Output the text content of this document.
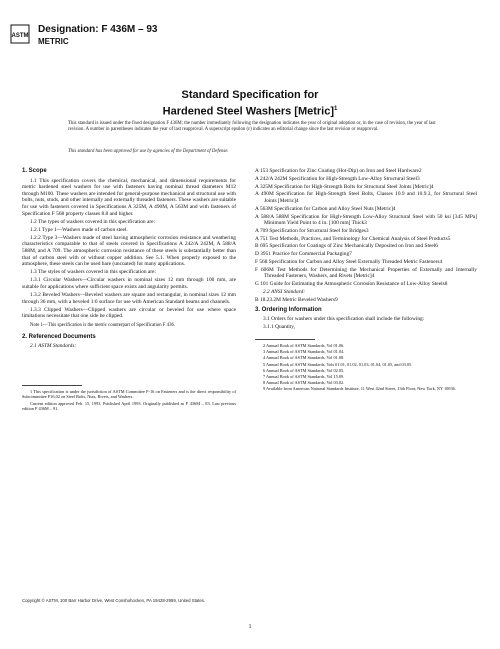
ASTM
Designation: F 436M – 93
METRIC
Standard Specification for
Hardened Steel Washers [Metric]$^1$
This standard is issued under the fixed designation F 436M; the number immediately following the designation indicates the year of original adoption or, in the case of revision, the year of last revision. A number in parentheses indicates the year of last reapproval. A superscript epsilon (ε) indicates an editorial change since the last revision or reapproval.
This standard has been approved for use by agencies of the Department of Defense.
1. Scope

1.1 This specification covers the chemical, mechanical, and dimensional requirements for metric hardened steel washers for use with fasteners having nominal thread diameters M12 through M100. These washers are intended for general-purpose mechanical and structural use with bolts, nuts, studs, and other internally and externally threaded fasteners. These washers are suitable for use with fasteners covered in Specifications A 325M, A 490M, A 563M and with fasteners of Specification F 568 property classes 8.8 and higher.

1.2 The types of washers covered in this specification are:

1.2.1 Type 1—Washers made of carbon steel.

1.2.2 Type 3—Washers made of steel having atmospheric corrosion resistance and weathering characteristics comparable to that of steels covered in Specifications A 242/A 242M, A 588/A 588M, and A 709. The atmospheric corrosion resistance of these steels is substantially better than that of carbon steel with or without copper addition. See 5.1. When properly exposed to the atmosphere, these steels can be used bare (uncoated) for many applications.

1.3 The styles of washers covered in this specification are:

1.3.1 Circular Washers—Circular washers in nominal sizes 12 mm through 100 mm, are suitable for applications where sufficient space exists and angularity permits.

1.3.2 Beveled Washers—Beveled washers are square and rectangular, in nominal sizes 12 mm through 36 mm, with a beveled 1:6 surface for use with American Standard beams and channels.

1.3.3 Clipped Washers—Clipped washers are circular or beveled for use where space limitations necessitate that one side be clipped.

Note 1—This specification is the metric counterpart of Specification F 436.

2. Referenced Documents

2.1 ASTM Standards:

1 This specification is under the jurisdiction of ASTM Committee F-16 on Fasteners and is the direct responsibility of Subcommittee F16.02 on Steel Bolts, Nuts, Rivets, and Washers.

Current edition approved Feb. 15, 1993. Published April 1993. Originally published as F 436M – 83. Last previous edition F 436M – 91.

A 153 Specification for Zinc Coating (Hot-Dip) on Iron and Steel Hardware2

A 242/A 242M Specification for High-Strength Low-Alloy Structural Steel3

A 325M Specification for High-Strength Bolts for Structural Steel Joints [Metric]4

A 490M Specification for High-Strength Steel Bolts, Classes 10.9 and 10.9.3, for Structural Steel Joints [Metric]4

A 563M Specification for Carbon and Alloy Steel Nuts [Metric]4

A 588/A 588M Specification for High-Strength Low-Alloy Structural Steel with 50 ksi [345 MPa] Minimum Yield Point to 4 in. [100 mm] Thick3

A 709 Specification for Structural Steel for Bridges3

A 751 Test Methods, Practices, and Terminology for Chemical Analysis of Steel Products5

B 695 Specification for Coatings of Zinc Mechanically Deposited on Iron and Steel6

D 3951 Practice for Commercial Packaging7

F 568 Specification for Carbon and Alloy Steel Externally Threaded Metric Fasteners4

F 606M Test Methods for Determining the Mechanical Properties of Externally and Internally Threaded Fasteners, Washers, and Rivets [Metric]4

G 101 Guide for Estimating the Atmospheric Corrosion Resistance of Low-Alloy Steels8

2.2 ANSI Standard:

B 18.23.2M Metric Beveled Washers9

3. Ordering Information

3.1 Orders for washers under this specification shall include the following:

3.1.1 Quantity,

2 Annual Book of ASTM Standards, Vol 01.06.

3 Annual Book of ASTM Standards, Vol 01.04.

4 Annual Book of ASTM Standards, Vol 01.08.

5 Annual Book of ASTM Standards, Vols 01.01, 01.02, 01.03, 01.04, 01.05, and 03.05.

6 Annual Book of ASTM Standards, Vol 02.05.

7 Annual Book of ASTM Standards, Vol 15.09.

8 Annual Book of ASTM Standards, Vol 03.02.

9 Available from American National Standards Institute, 11 West 42nd Street, 13th Floor, New York, NY 10036.

Copyright © ASTM, 100 Barr Harbor Drive, West Conshohocken, PA 19428-2959, United States.
1
